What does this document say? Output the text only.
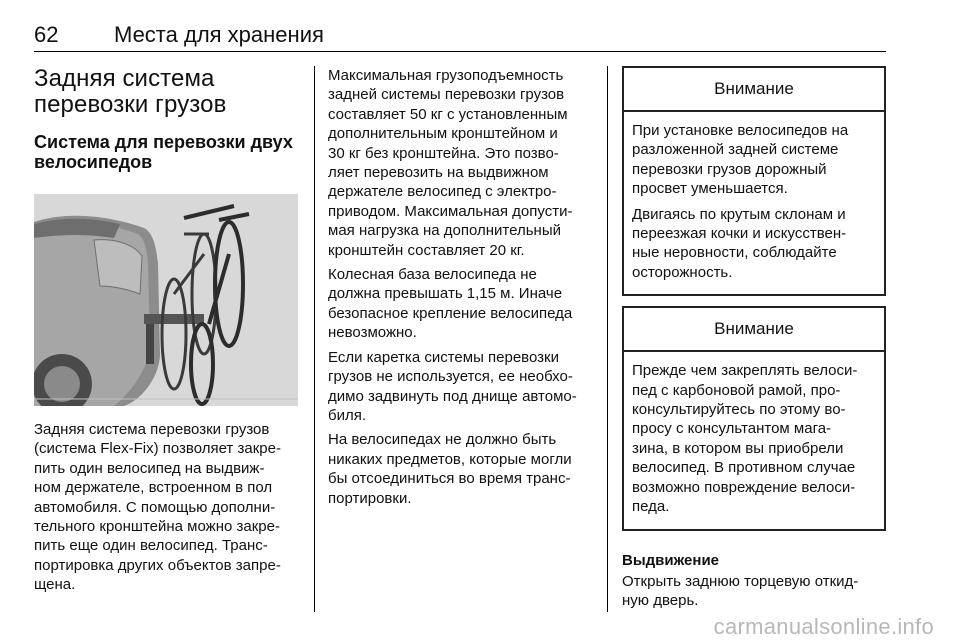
62	Места для хранения
Задняя система
перевозки грузов
Система для перевозки двух
велосипедов

Задняя система перевозки грузов
(система Flex-Fix) позволяет закре-
пить один велосипед на выдвиж-
ном держателе, встроенном в пол
автомобиля. С помощью дополни-
тельного кронштейна можно закре-
пить еще один велосипед. Транс-
портировка других объектов запре-
щена.

Максимальная грузоподъемность
задней системы перевозки грузов
составляет 50 кг с установленным
дополнительным кронштейном и
30 кг без кронштейна. Это позво-
ляет перевозить на выдвижном
держателе велосипед с электро-
приводом. Максимальная допусти-
мая нагрузка на дополнительный
кронштейн составляет 20 кг.

Колесная база велосипеда не
должна превышать 1,15 м. Иначе
безопасное крепление велосипеда
невозможно.

Если каретка системы перевозки
грузов не используется, ее необхо-
димо задвинуть под днище автомо-
биля.

На велосипедах не должно быть
никаких предметов, которые могли
бы отсоединиться во время транс-
портировки.

Внимание

При установке велосипедов на
разложенной задней системе
перевозки грузов дорожный
просвет уменьшается.

Двигаясь по крутым склонам и
переезжая кочки и искусствен-
ные неровности, соблюдайте
осторожность.

Внимание

Прежде чем закреплять велоси-
пед с карбоновой рамой, про-
консультируйтесь по этому во-
просу с консультантом мага-
зина, в котором вы приобрели
велосипед. В противном случае
возможно повреждение велоси-
педа.

Выдвижение

Открыть заднюю торцевую откид-
ную дверь.

carmanualsonline.info
